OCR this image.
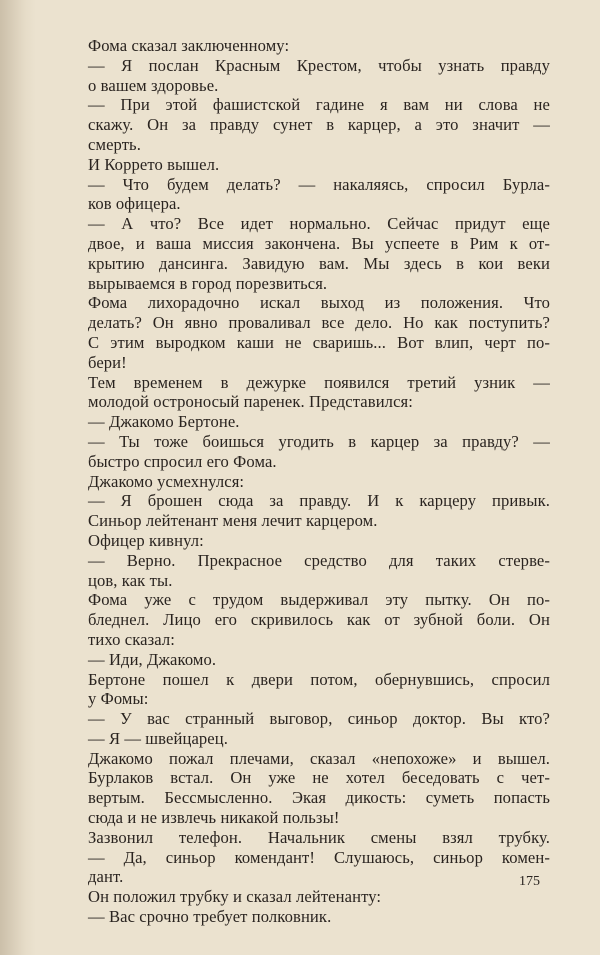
Фома сказал заключенному:
— Я послан Красным Крестом, чтобы узнать правду
о вашем здоровье.
— При этой фашистской гадине я вам ни слова не
скажу. Он за правду сунет в карцер, а это значит —
смерть.
И Коррето вышел.
— Что будем делать? — накаляясь, спросил Бурла-
ков офицера.
— А что? Все идет нормально. Сейчас придут еще
двое, и ваша миссия закончена. Вы успеете в Рим к от-
крытию дансинга. Завидую вам. Мы здесь в кои веки
вырываемся в город порезвиться.
Фома лихорадочно искал выход из положения. Что
делать? Он явно проваливал все дело. Но как поступить?
С этим выродком каши не сваришь... Вот влип, черт по-
бери!
Тем временем в дежурке появился третий узник —
молодой остроносый паренек. Представился:
— Джакомо Бертоне.
— Ты тоже боишься угодить в карцер за правду? —
быстро спросил его Фома.
Джакомо усмехнулся:
— Я брошен сюда за правду. И к карцеру привык.
Синьор лейтенант меня лечит карцером.
Офицер кивнул:
— Верно. Прекрасное средство для таких стерве-
цов, как ты.
Фома уже с трудом выдерживал эту пытку. Он по-
бледнел. Лицо его скривилось как от зубной боли. Он
тихо сказал:
— Иди, Джакомо.
Бертоне пошел к двери потом, обернувшись, спросил
у Фомы:
— У вас странный выговор, синьор доктор. Вы кто?
— Я — швейцарец.
Джакомо пожал плечами, сказал «непохоже» и вышел.
Бурлаков встал. Он уже не хотел беседовать с чет-
вертым. Бессмысленно. Экая дикость: суметь попасть
сюда и не извлечь никакой пользы!
Зазвонил телефон. Начальник смены взял трубку.
— Да, синьор комендант! Слушаюсь, синьор комен-
дант.
Он положил трубку и сказал лейтенанту:
— Вас срочно требует полковник.
175
